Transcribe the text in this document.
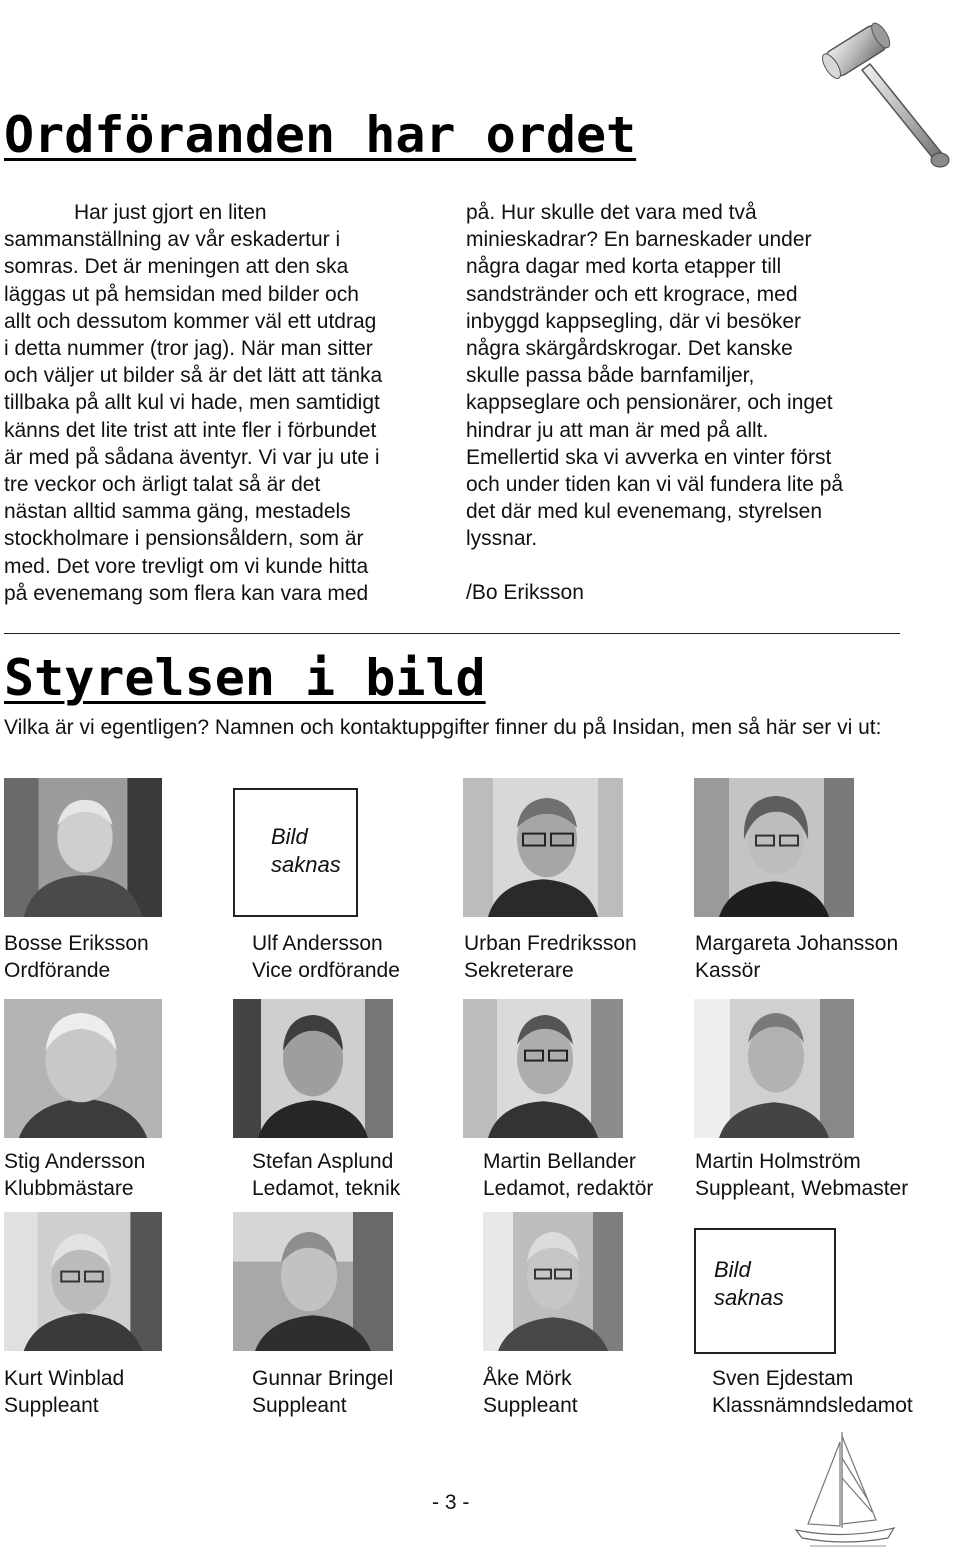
Ordföranden har ordet
Har just gjort en liten
sammanställning av vår eskadertur i
somras. Det är meningen att den ska
läggas ut på hemsidan med bilder och
allt och dessutom kommer väl ett utdrag
i detta nummer (tror jag). När man sitter
och väljer ut bilder så är det lätt att tänka
tillbaka på allt kul vi hade, men samtidigt
känns det lite trist att inte fler i förbundet
är med på sådana äventyr. Vi var ju ute i
tre veckor och ärligt talat så är det
nästan alltid samma gäng, mestadels
stockholmare i pensionsåldern, som är
med. Det vore trevligt om vi kunde hitta
på evenemang som flera kan vara med
på. Hur skulle det vara med två
minieskadrar? En barneskader under
några dagar med korta etapper till
sandstränder och ett krograce, med
inbyggd kappsegling, där vi besöker
några skärgårdskrogar. Det kanske
skulle passa både barnfamiljer,
kappseglare och pensionärer, och inget
hindrar ju att man är med på allt.
Emellertid ska vi avverka en vinter först
och under tiden kan vi väl fundera lite på
det där med kul evenemang, styrelsen
lyssnar.
/Bo Eriksson
Styrelsen i bild
Vilka är vi egentligen? Namnen och kontaktuppgifter finner du på Insidan, men så här ser vi ut:
Bild
saknas
Bosse Eriksson
Ordförande
Ulf Andersson
Vice ordförande
Urban Fredriksson
Sekreterare
Margareta Johansson
Kassör
Stig Andersson
Klubbmästare
Stefan Asplund
Ledamot, teknik
Martin Bellander
Ledamot, redaktör
Martin Holmström
Suppleant, Webmaster
Bild
saknas
Kurt Winblad
Suppleant
Gunnar Bringel
Suppleant
Åke Mörk
Suppleant
Sven Ejdestam
Klassnämndsledamot
- 3 -
